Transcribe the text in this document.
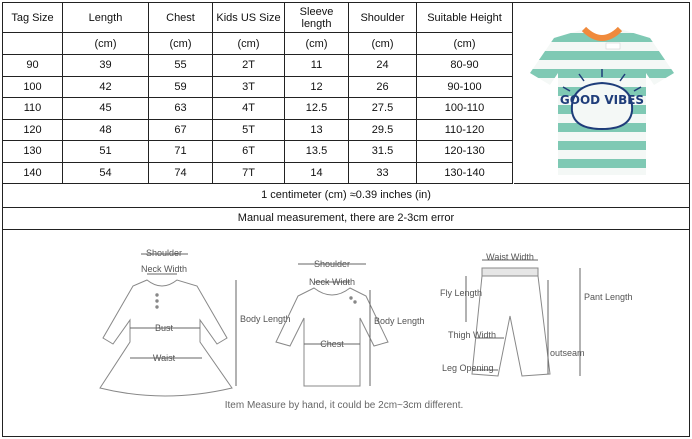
Tag Size	Length	Chest	Kids US Size	Sleeve length	Shoulder	Suitable Height
	(cm)	(cm)	(cm)	(cm)	(cm)	(cm)
90	39	55	2T	11	24	80-90
100	42	59	3T	12	26	90-100
110	45	63	4T	12.5	27.5	100-110
120	48	67	5T	13	29.5	110-120
130	51	71	6T	13.5	31.5	120-130
140	54	74	7T	14	33	130-140
GOOD VIBES
1 centimeter (cm) ≈0.39 inches (in)
Manual measurement, there are 2-3cm error
Shoulder
Neck Width
Bust
Waist
Body Length
Shoulder
Neck Width
Chest
Body Length
Waist Width
Fly Length
Thigh Width
Leg Opening
outseam
Pant Length
Item Measure by hand, it could be 2cm~3cm different.
